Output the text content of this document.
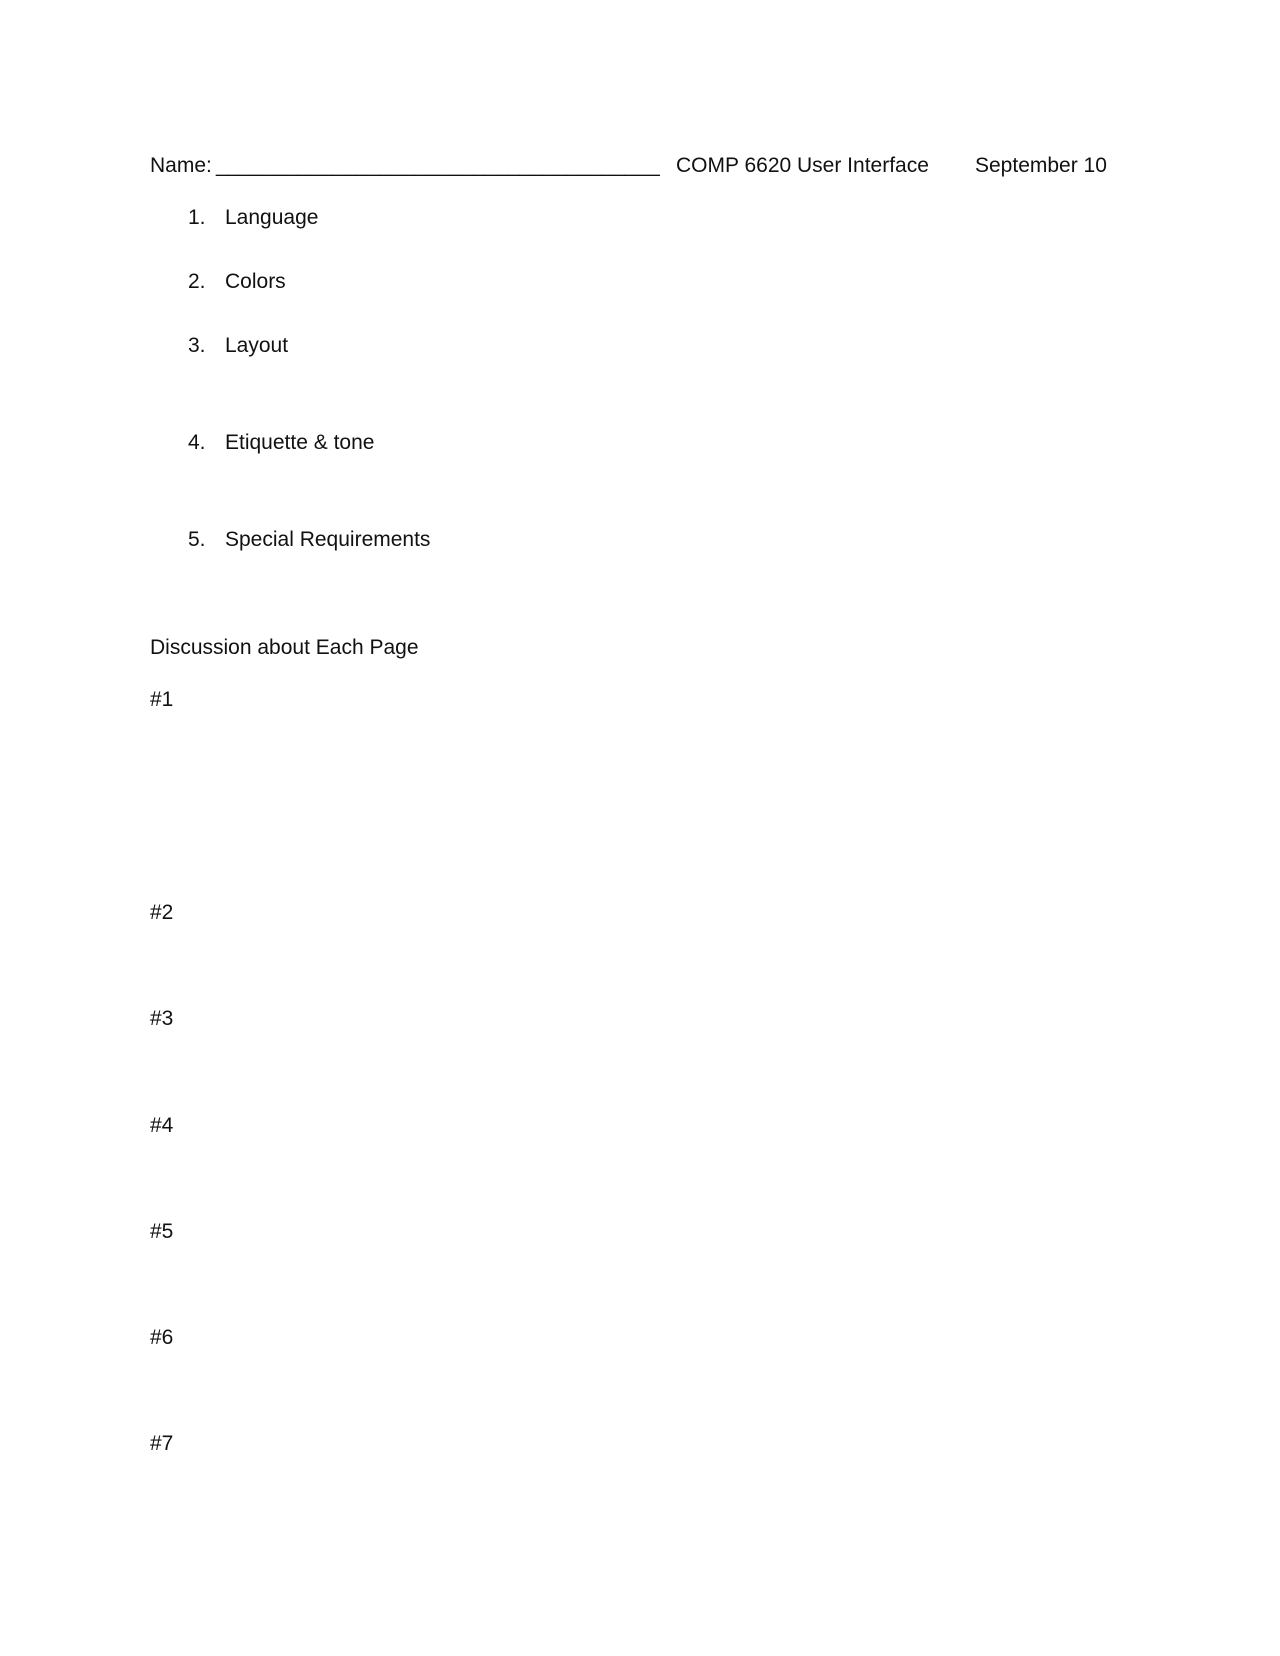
Name: ______________________________________ COMP 6620 User Interface September 10
1. Language
2. Colors
3. Layout
4. Etiquette & tone
5. Special Requirements
Discussion about Each Page
#1
#2
#3
#4
#5
#6
#7
